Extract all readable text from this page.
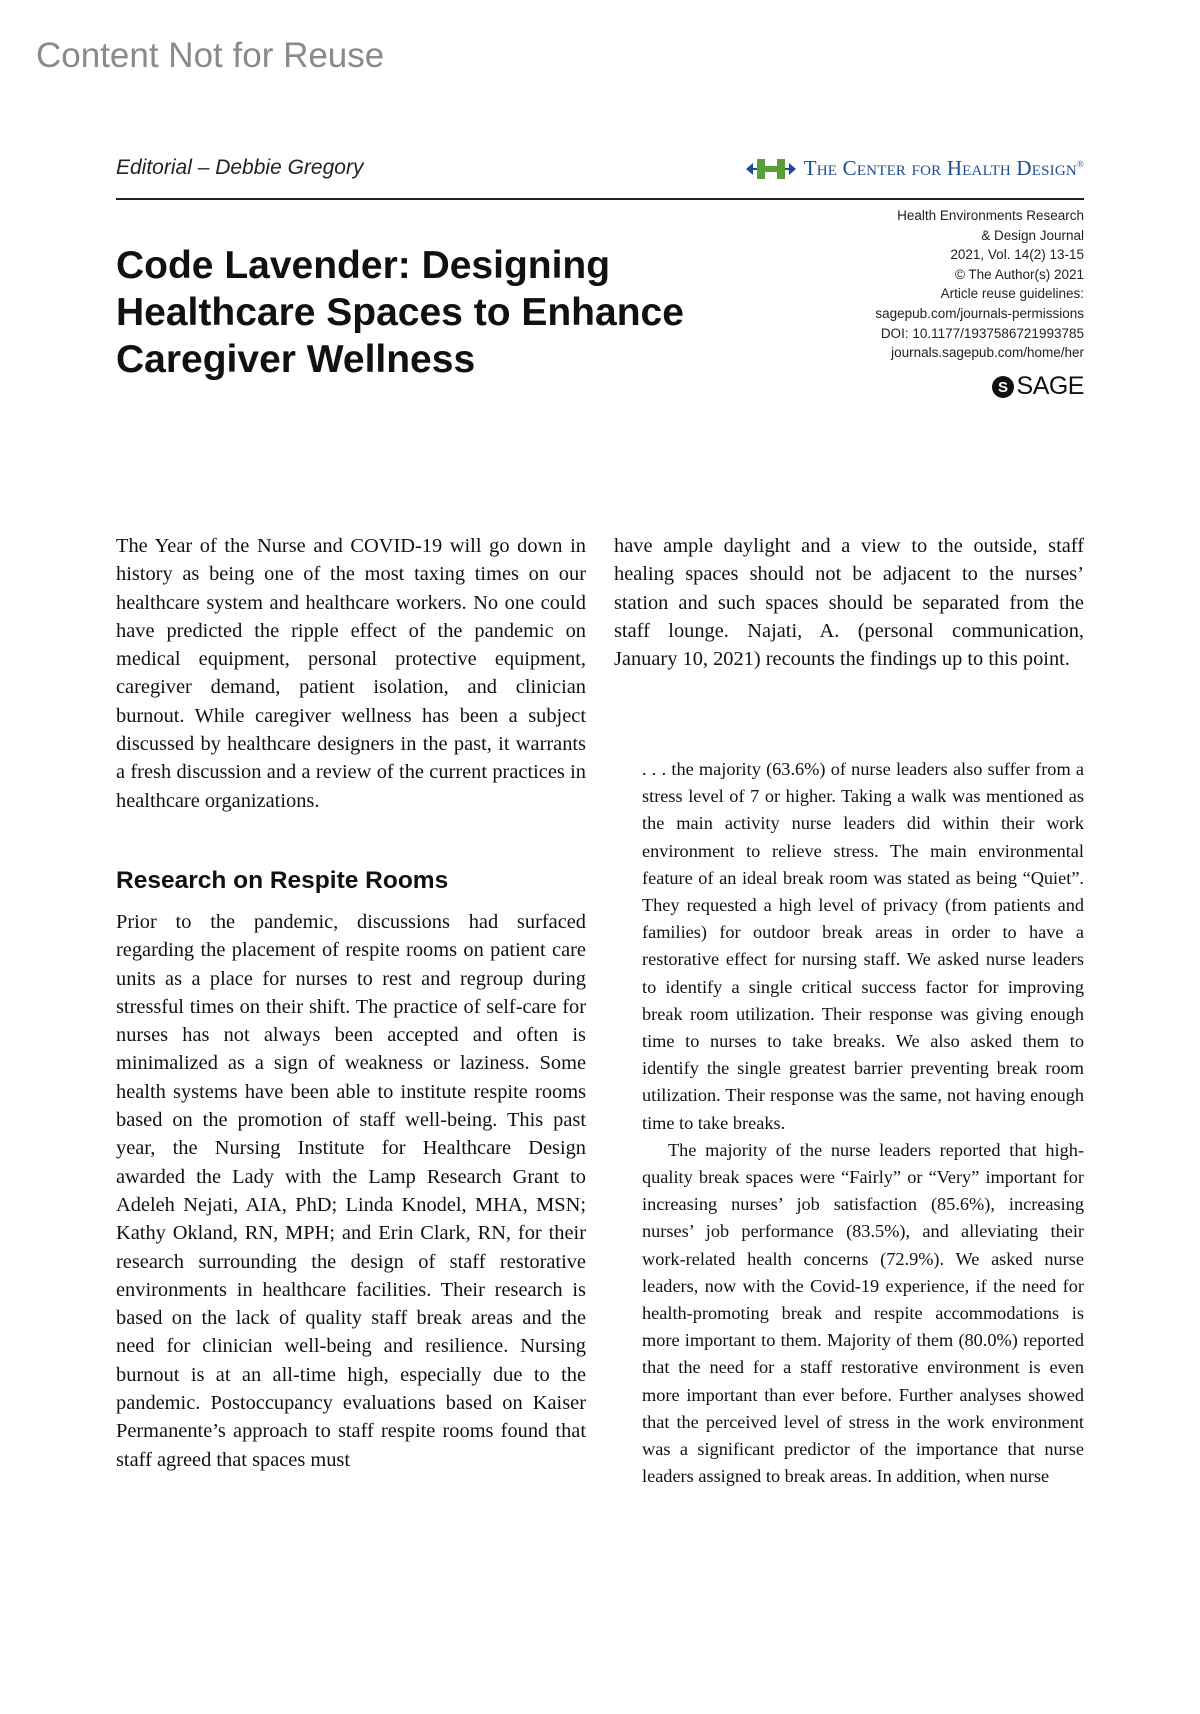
Content Not for Reuse
Editorial – Debbie Gregory	The Center for Health Design®
Code Lavender: Designing Healthcare Spaces to Enhance Caregiver Wellness
Health Environments Research
& Design Journal
2021, Vol. 14(2) 13-15
© The Author(s) 2021
Article reuse guidelines:
sagepub.com/journals-permissions
DOI: 10.1177/1937586721993785
journals.sagepub.com/home/her
S SAGE

The Year of the Nurse and COVID-19 will go down in history as being one of the most taxing times on our healthcare system and healthcare workers. No one could have predicted the ripple effect of the pandemic on medical equipment, personal protective equipment, caregiver demand, patient isolation, and clinician burnout. While caregiver wellness has been a subject discussed by healthcare designers in the past, it warrants a fresh discussion and a review of the current practices in healthcare organizations.

Research on Respite Rooms

Prior to the pandemic, discussions had surfaced regarding the placement of respite rooms on patient care units as a place for nurses to rest and regroup during stressful times on their shift. The practice of self-care for nurses has not always been accepted and often is minimalized as a sign of weakness or laziness. Some health systems have been able to institute respite rooms based on the promotion of staff well-being. This past year, the Nursing Institute for Healthcare Design awarded the Lady with the Lamp Research Grant to Adeleh Nejati, AIA, PhD; Linda Knodel, MHA, MSN; Kathy Okland, RN, MPH; and Erin Clark, RN, for their research surrounding the design of staff restorative environments in healthcare facilities. Their research is based on the lack of quality staff break areas and the need for clinician well-being and resilience. Nursing burnout is at an all-time high, especially due to the pandemic. Postoccupancy evaluations based on Kaiser Permanente’s approach to staff respite rooms found that staff agreed that spaces must

have ample daylight and a view to the outside, staff healing spaces should not be adjacent to the nurses’ station and such spaces should be separated from the staff lounge. Najati, A. (personal communication, January 10, 2021) recounts the findings up to this point.

. . . the majority (63.6%) of nurse leaders also suffer from a stress level of 7 or higher. Taking a walk was mentioned as the main activity nurse leaders did within their work environment to relieve stress. The main environmental feature of an ideal break room was stated as being “Quiet”. They requested a high level of privacy (from patients and families) for outdoor break areas in order to have a restorative effect for nursing staff. We asked nurse leaders to identify a single critical success factor for improving break room utilization. Their response was giving enough time to nurses to take breaks. We also asked them to identify the single greatest barrier preventing break room utilization. Their response was the same, not having enough time to take breaks.

The majority of the nurse leaders reported that high-quality break spaces were “Fairly” or “Very” important for increasing nurses’ job satisfaction (85.6%), increasing nurses’ job performance (83.5%), and alleviating their work-related health concerns (72.9%). We asked nurse leaders, now with the Covid-19 experience, if the need for health-promoting break and respite accommodations is more important to them. Majority of them (80.0%) reported that the need for a staff restorative environment is even more important than ever before. Further analyses showed that the perceived level of stress in the work environment was a significant predictor of the importance that nurse leaders assigned to break areas. In addition, when nurse
